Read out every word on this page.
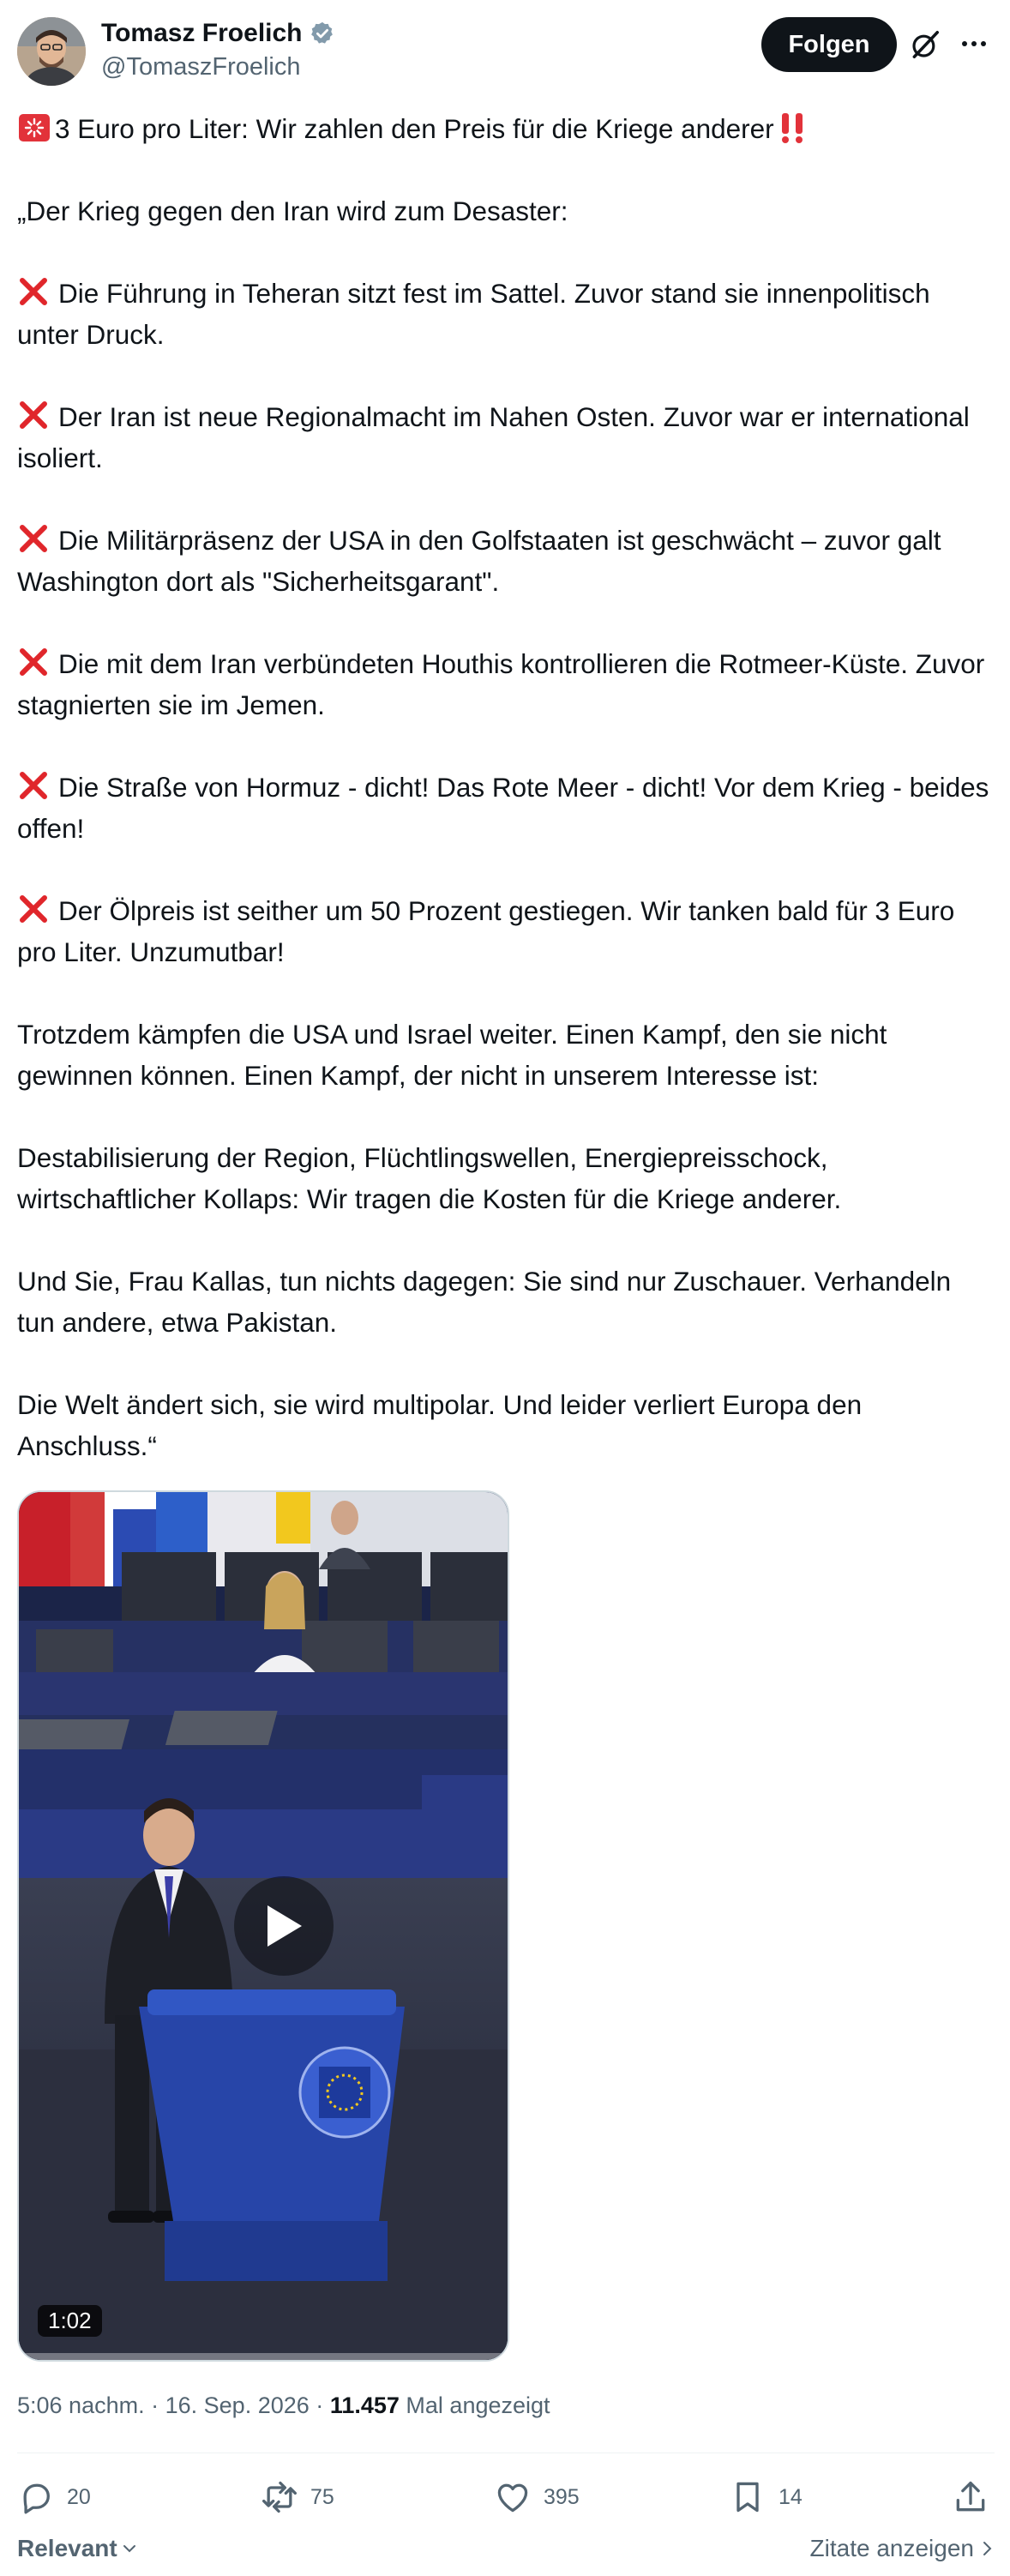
Tomasz Froelich
@TomaszFroelich
Folgen
3 Euro pro Liter: Wir zahlen den Preis für die Kriege anderer
„Der Krieg gegen den Iran wird zum Desaster:
Die Führung in Teheran sitzt fest im Sattel. Zuvor stand sie innenpolitisch unter Druck.
Der Iran ist neue Regionalmacht im Nahen Osten. Zuvor war er international isoliert.
Die Militärpräsenz der USA in den Golfstaaten ist geschwächt – zuvor galt Washington dort als "Sicherheitsgarant".
Die mit dem Iran verbündeten Houthis kontrollieren die Rotmeer-Küste. Zuvor stagnierten sie im Jemen.
Die Straße von Hormuz - dicht! Das Rote Meer - dicht! Vor dem Krieg - beides offen!
Der Ölpreis ist seither um 50 Prozent gestiegen. Wir tanken bald für 3 Euro pro Liter. Unzumutbar!
Trotzdem kämpfen die USA und Israel weiter. Einen Kampf, den sie nicht gewinnen können. Einen Kampf, der nicht in unserem Interesse ist:
Destabilisierung der Region, Flüchtlingswellen, Energiepreisschock, wirtschaftlicher Kollaps: Wir tragen die Kosten für die Kriege anderer.
Und Sie, Frau Kallas, tun nichts dagegen: Sie sind nur Zuschauer. Verhandeln tun andere, etwa Pakistan.
Die Welt ändert sich, sie wird multipolar. Und leider verliert Europa den Anschluss.“
1:02
5:06 nachm. · 16. Sep. 2026 · 11.457 Mal angezeigt
20	75	395	14
Relevant	Zitate anzeigen
